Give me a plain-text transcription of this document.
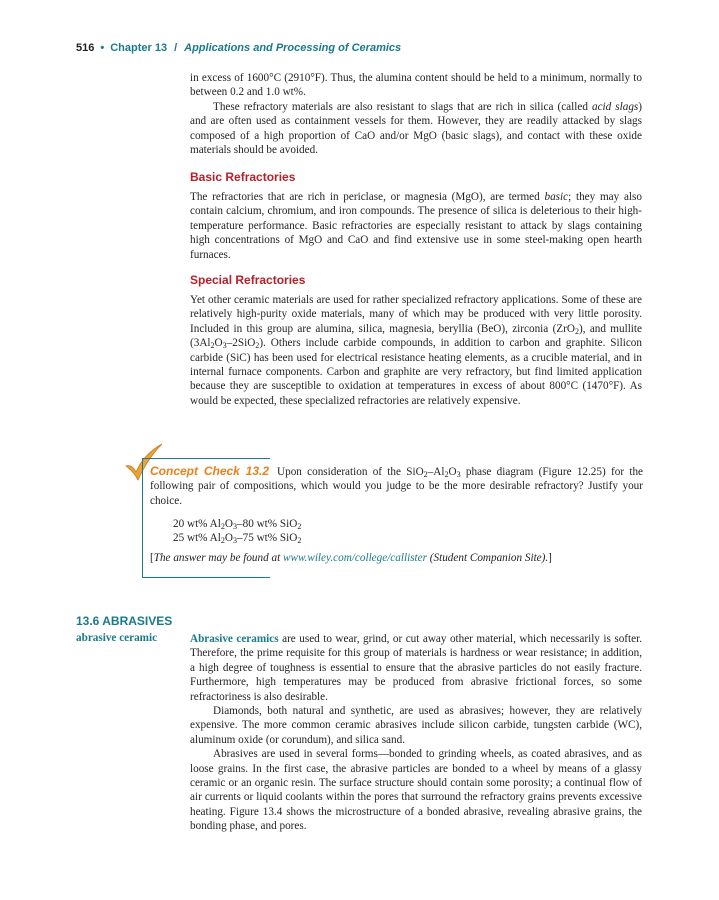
516 • Chapter 13 / Applications and Processing of Ceramics

in excess of 1600°C (2910°F). Thus, the alumina content should be held to a minimum, normally to between 0.2 and 1.0 wt%.

These refractory materials are also resistant to slags that are rich in silica (called acid slags) and are often used as containment vessels for them. However, they are readily attacked by slags composed of a high proportion of CaO and/or MgO (basic slags), and contact with these oxide materials should be avoided.

Basic Refractories

The refractories that are rich in periclase, or magnesia (MgO), are termed basic; they may also contain calcium, chromium, and iron compounds. The presence of silica is deleterious to their high-temperature performance. Basic refractories are especially resistant to attack by slags containing high concentrations of MgO and CaO and find extensive use in some steel-making open hearth furnaces.

Special Refractories

Yet other ceramic materials are used for rather specialized refractory applications. Some of these are relatively high-purity oxide materials, many of which may be produced with very little porosity. Included in this group are alumina, silica, magnesia, beryllia (BeO), zirconia (ZrO$_2$), and mullite $(3Al_2O_3-2SiO_2)$. Others include carbide compounds, in addition to carbon and graphite. Silicon carbide (SiC) has been used for electrical resistance heating elements, as a crucible material, and in internal furnace components. Carbon and graphite are very refractory, but find limited application because they are susceptible to oxidation at temperatures in excess of about 800°C (1470°F). As would be expected, these specialized refractories are relatively expensive.

Concept Check 13.2 Upon consideration of the $SiO_2-Al_2O_3$ phase diagram (Figure 12.25) for the following pair of compositions, which would you judge to be the more desirable refractory? Justify your choice.
20 wt% $Al_2O_3-80$ wt% SiO$_2$
25 wt% $Al_2O_3-75$ wt% SiO$_2$
[The answer may be found at www.wiley.com/college/callister (Student Companion Site).]
13.6 ABRASIVES
abrasive ceramic	Abrasive ceramics are used to wear, grind, or cut away other material, which necessarily is softer. Therefore, the prime requisite for this group of materials is hardness or wear resistance; in addition, a high degree of toughness is essential to ensure that the abrasive particles do not easily fracture. Furthermore, high temperatures may be produced from abrasive frictional forces, so some refractoriness is also desirable.

Diamonds, both natural and synthetic, are used as abrasives; however, they are relatively expensive. The more common ceramic abrasives include silicon carbide, tungsten carbide (WC), aluminum oxide (or corundum), and silica sand.

Abrasives are used in several forms—bonded to grinding wheels, as coated abrasives, and as loose grains. In the first case, the abrasive particles are bonded to a wheel by means of a glassy ceramic or an organic resin. The surface structure should contain some porosity; a continual flow of air currents or liquid coolants within the pores that surround the refractory grains prevents excessive heating. Figure 13.4 shows the microstructure of a bonded abrasive, revealing abrasive grains, the bonding phase, and pores.
